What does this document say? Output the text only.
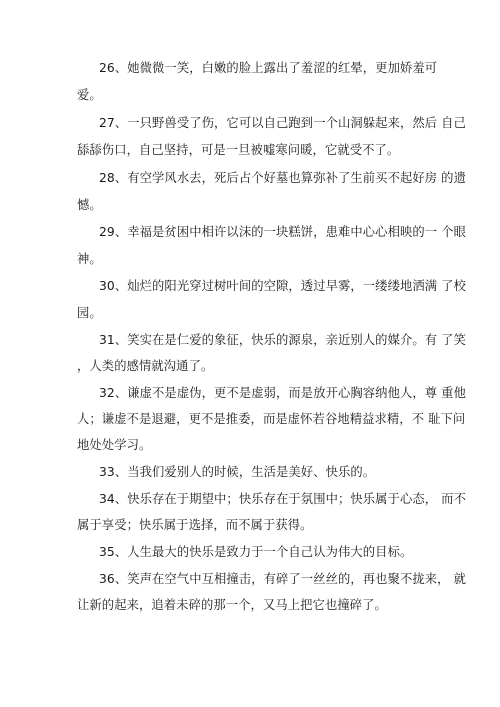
26、她微微一笑，白嫩的脸上露出了羞涩的红晕，更加娇羞可

爱。

27、一只野兽受了伤，它可以自己跑到一个山洞躲起来，然后 自己

舔舔伤口，自己坚持，可是一旦被嘘寒问暖，它就受不了。

28、有空学风水去，死后占个好墓也算弥补了生前买不起好房 的遗

憾。

29、幸福是贫困中相许以沫的一块糕饼，患难中心心相映的一 个眼

神。

30、灿烂的阳光穿过树叶间的空隙，透过早雾，一缕缕地洒满 了校

园。

31、笑实在是仁爱的象征，快乐的源泉，亲近别人的媒介。有 了笑

，人类的感情就沟通了。

32、谦虚不是虚伪，更不是虚弱，而是放开心胸容纳他人，尊 重他

人；谦虚不是退避，更不是推委，而是虚怀若谷地精益求精，不 耻下问

地处处学习。

33、当我们爱别人的时候，生活是美好、快乐的。

34、快乐存在于期望中；快乐存在于氛围中；快乐属于心态， 而不

属于享受；快乐属于选择，而不属于获得。

35、人生最大的快乐是致力于一个自己认为伟大的目标。

36、笑声在空气中互相撞击，有碎了一丝丝的，再也聚不拢来， 就

让新的起来，追着未碎的那一个，又马上把它也撞碎了。
